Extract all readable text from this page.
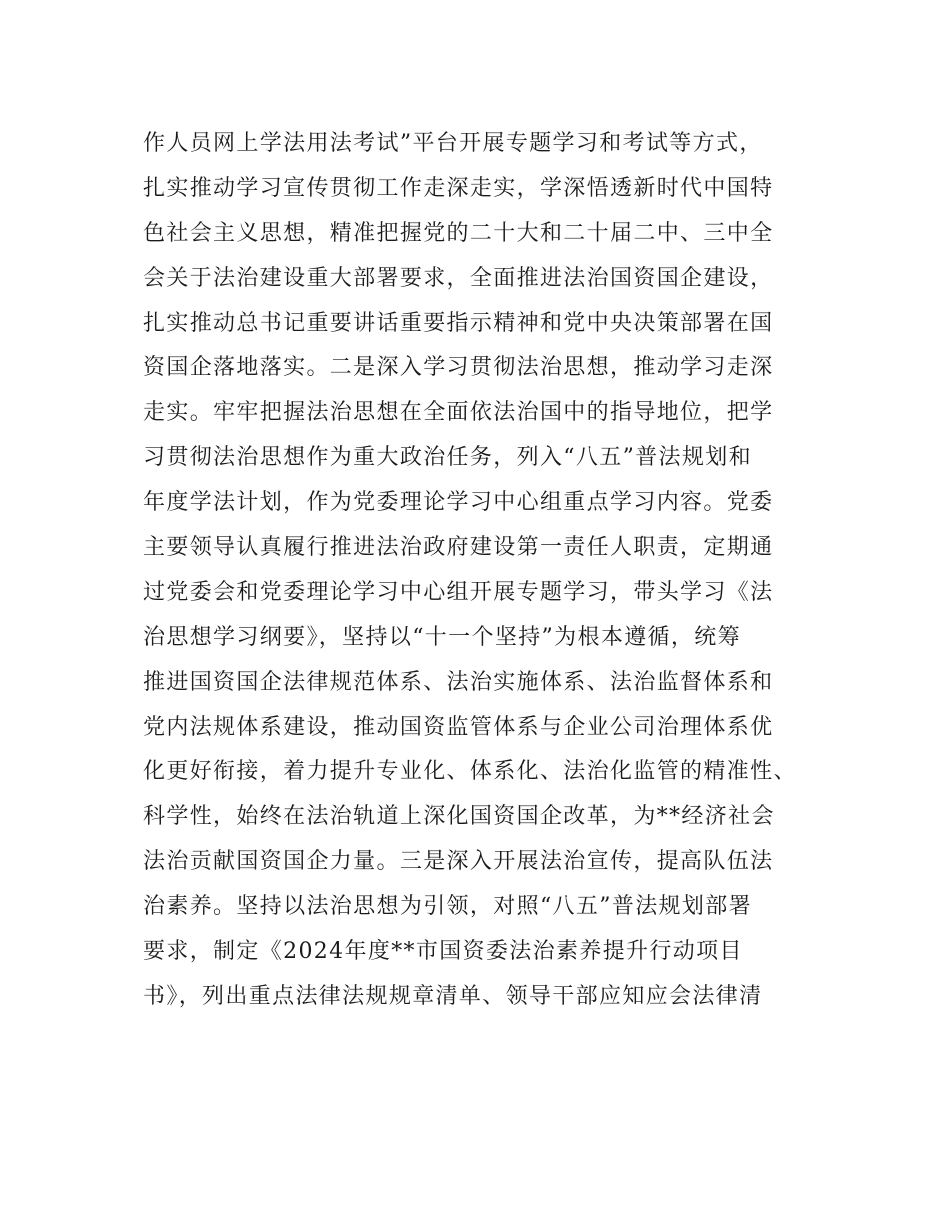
作人员网上学法用法考试”平台开展专题学习和考试等方式，
扎实推动学习宣传贯彻工作走深走实，学深悟透新时代中国特
色社会主义思想，精准把握党的二十大和二十届二中、三中全
会关于法治建设重大部署要求，全面推进法治国资国企建设，
扎实推动总书记重要讲话重要指示精神和党中央决策部署在国
资国企落地落实。二是深入学习贯彻法治思想，推动学习走深
走实。牢牢把握法治思想在全面依法治国中的指导地位，把学
习贯彻法治思想作为重大政治任务，列入“八五”普法规划和
年度学法计划，作为党委理论学习中心组重点学习内容。党委
主要领导认真履行推进法治政府建设第一责任人职责，定期通
过党委会和党委理论学习中心组开展专题学习，带头学习《法
治思想学习纲要》，坚持以“十一个坚持”为根本遵循，统筹
推进国资国企法律规范体系、法治实施体系、法治监督体系和
党内法规体系建设，推动国资监管体系与企业公司治理体系优
化更好衔接，着力提升专业化、体系化、法治化监管的精准性、
科学性，始终在法治轨道上深化国资国企改革，为**经济社会
法治贡献国资国企力量。三是深入开展法治宣传，提高队伍法
治素养。坚持以法治思想为引领，对照“八五”普法规划部署
要求，制定《2024年度**市国资委法治素养提升行动项目
书》，列出重点法律法规规章清单、领导干部应知应会法律清
